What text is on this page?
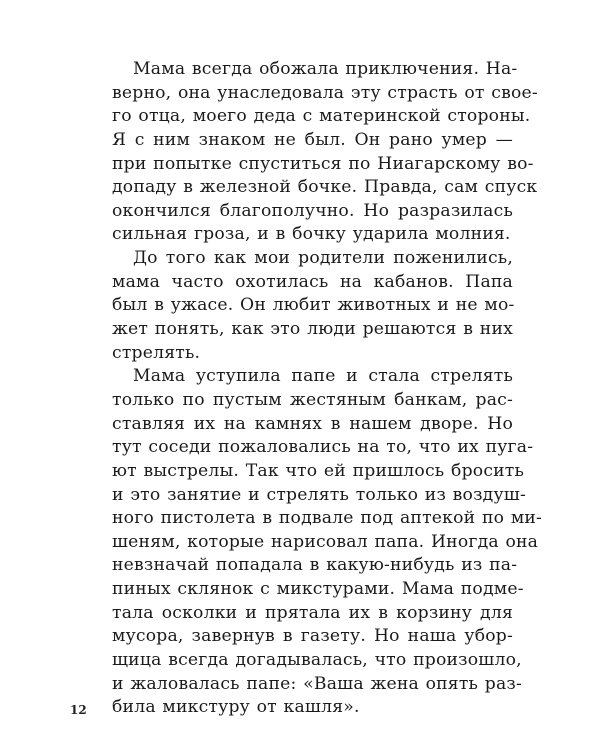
Мама всегда обожала приключения. На-
верно, она унаследовала эту страсть от свое-
го отца, моего деда с материнской стороны.
Я с ним знаком не был. Он рано умер —
при попытке спуститься по Ниагарскому во-
допаду в железной бочке. Правда, сам спуск
окончился благополучно. Но разразилась
сильная гроза, и в бочку ударила молния.
До того как мои родители поженились,
мама часто охотилась на кабанов. Папа
был в ужасе. Он любит животных и не мо-
жет понять, как это люди решаются в них
стрелять.
Мама уступила папе и стала стрелять
только по пустым жестяным банкам, рас-
ставляя их на камнях в нашем дворе. Но
тут соседи пожаловались на то, что их пуга-
ют выстрелы. Так что ей пришлось бросить
и это занятие и стрелять только из воздуш-
ного пистолета в подвале под аптекой по ми-
шеням, которые нарисовал папа. Иногда она
невзначай попадала в какую-нибудь из па-
пиных склянок с микстурами. Мама подме-
тала осколки и прятала их в корзину для
мусора, завернув в газету. Но наша убор-
щица всегда догадывалась, что произошло,
и жаловалась папе: «Ваша жена опять раз-
била микстуру от кашля».
12
